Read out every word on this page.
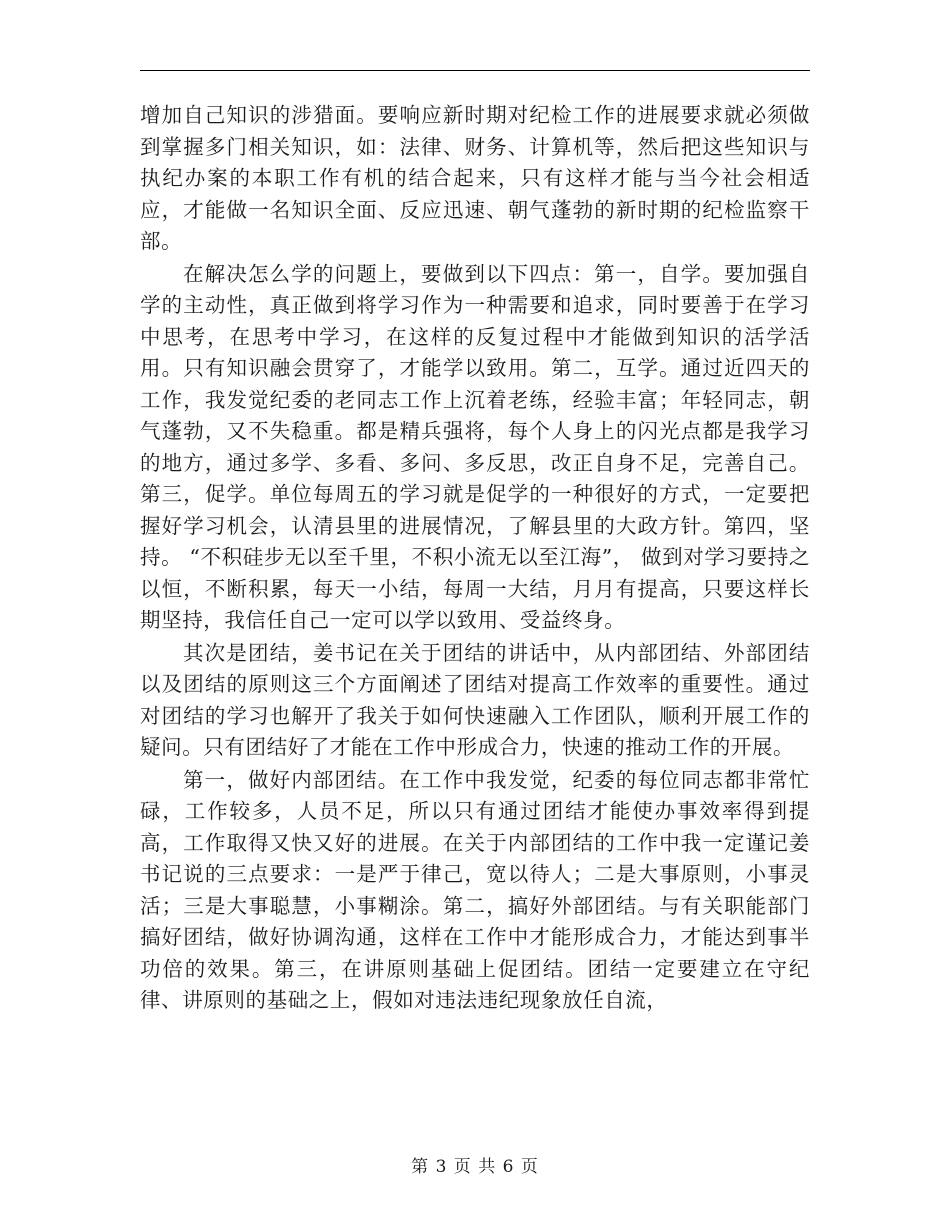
增加自己知识的涉猎面。要响应新时期对纪检工作的进展要求就必须做到掌握多门相关知识，如：法律、财务、计算机等，然后把这些知识与执纪办案的本职工作有机的结合起来，只有这样才能与当今社会相适应，才能做一名知识全面、反应迅速、朝气蓬勃的新时期的纪检监察干部。

在解决怎么学的问题上，要做到以下四点：第一，自学。要加强自学的主动性，真正做到将学习作为一种需要和追求，同时要善于在学习中思考，在思考中学习，在这样的反复过程中才能做到知识的活学活用。只有知识融会贯穿了，才能学以致用。第二，互学。通过近四天的工作，我发觉纪委的老同志工作上沉着老练，经验丰富；年轻同志，朝气蓬勃，又不失稳重。都是精兵强将，每个人身上的闪光点都是我学习的地方，通过多学、多看、多问、多反思，改正自身不足，完善自己。第三，促学。单位每周五的学习就是促学的一种很好的方式，一定要把握好学习机会，认清县里的进展情况，了解县里的大政方针。第四，坚持。 “不积硅步无以至千里，不积小流无以至江海”， 做到对学习要持之以恒，不断积累，每天一小结，每周一大结，月月有提高，只要这样长期坚持，我信任自己一定可以学以致用、受益终身。

其次是团结，姜书记在关于团结的讲话中，从内部团结、外部团结以及团结的原则这三个方面阐述了团结对提高工作效率的重要性。通过对团结的学习也解开了我关于如何快速融入工作团队，顺利开展工作的疑问。只有团结好了才能在工作中形成合力，快速的推动工作的开展。

第一，做好内部团结。在工作中我发觉，纪委的每位同志都非常忙碌，工作较多，人员不足，所以只有通过团结才能使办事效率得到提高，工作取得又快又好的进展。在关于内部团结的工作中我一定谨记姜书记说的三点要求：一是严于律己，宽以待人；二是大事原则，小事灵活；三是大事聪慧，小事糊涂。第二，搞好外部团结。与有关职能部门搞好团结，做好协调沟通，这样在工作中才能形成合力，才能达到事半功倍的效果。第三，在讲原则基础上促团结。团结一定要建立在守纪律、讲原则的基础之上，假如对违法违纪现象放任自流，

第 3 页 共 6 页
